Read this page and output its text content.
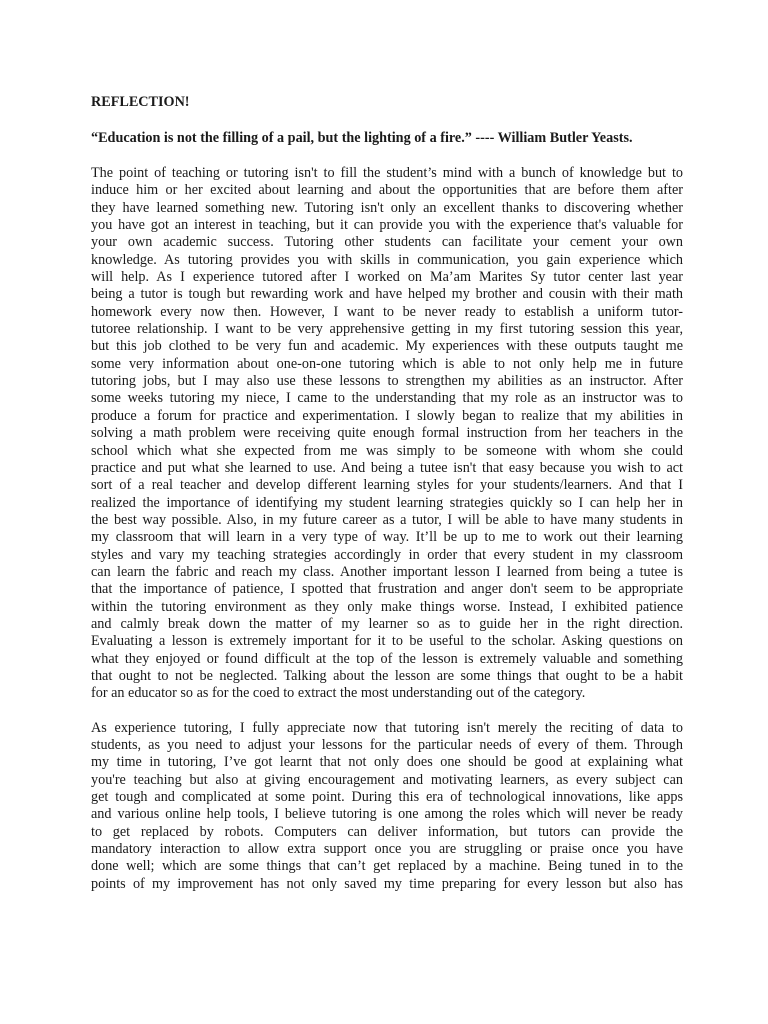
REFLECTION!

“Education is not the filling of a pail, but the lighting of a fire.” ---- William Butler Yeasts.

The point of teaching or tutoring isn't to fill the student’s mind with a bunch of knowledge but to
induce him or her excited about learning and about the opportunities that are before them after
they have learned something new. Tutoring isn't only an excellent thanks to discovering whether
you have got an interest in teaching, but it can provide you with the experience that's valuable for
your own academic success. Tutoring other students can facilitate your cement your own
knowledge. As tutoring provides you with skills in communication, you gain experience which
will help. As I experience tutored after I worked on Ma’am Marites Sy tutor center last year
being a tutor is tough but rewarding work and have helped my brother and cousin with their math
homework every now then. However, I want to be never ready to establish a uniform tutor-
tutoree relationship. I want to be very apprehensive getting in my first tutoring session this year,
but this job clothed to be very fun and academic. My experiences with these outputs taught me
some very information about one-on-one tutoring which is able to not only help me in future
tutoring jobs, but I may also use these lessons to strengthen my abilities as an instructor. After
some weeks tutoring my niece, I came to the understanding that my role as an instructor was to
produce a forum for practice and experimentation. I slowly began to realize that my abilities in
solving a math problem were receiving quite enough formal instruction from her teachers in the
school which what she expected from me was simply to be someone with whom she could
practice and put what she learned to use. And being a tutee isn't that easy because you wish to act
sort of a real teacher and develop different learning styles for your students/learners. And that I
realized the importance of identifying my student learning strategies quickly so I can help her in
the best way possible. Also, in my future career as a tutor, I will be able to have many students in
my classroom that will learn in a very type of way. It’ll be up to me to work out their learning
styles and vary my teaching strategies accordingly in order that every student in my classroom
can learn the fabric and reach my class. Another important lesson I learned from being a tutee is
that the importance of patience, I spotted that frustration and anger don't seem to be appropriate
within the tutoring environment as they only make things worse. Instead, I exhibited patience
and calmly break down the matter of my learner so as to guide her in the right direction.
Evaluating a lesson is extremely important for it to be useful to the scholar. Asking questions on
what they enjoyed or found difficult at the top of the lesson is extremely valuable and something
that ought to not be neglected. Talking about the lesson are some things that ought to be a habit
for an educator so as for the coed to extract the most understanding out of the category.
As experience tutoring, I fully appreciate now that tutoring isn't merely the reciting of data to
students, as you need to adjust your lessons for the particular needs of every of them. Through
my time in tutoring, I’ve got learnt that not only does one should be good at explaining what
you're teaching but also at giving encouragement and motivating learners, as every subject can
get tough and complicated at some point. During this era of technological innovations, like apps
and various online help tools, I believe tutoring is one among the roles which will never be ready
to get replaced by robots. Computers can deliver information, but tutors can provide the
mandatory interaction to allow extra support once you are struggling or praise once you have
done well; which are some things that can’t get replaced by a machine. Being tuned in to the
points of my improvement has not only saved my time preparing for every lesson but also has
